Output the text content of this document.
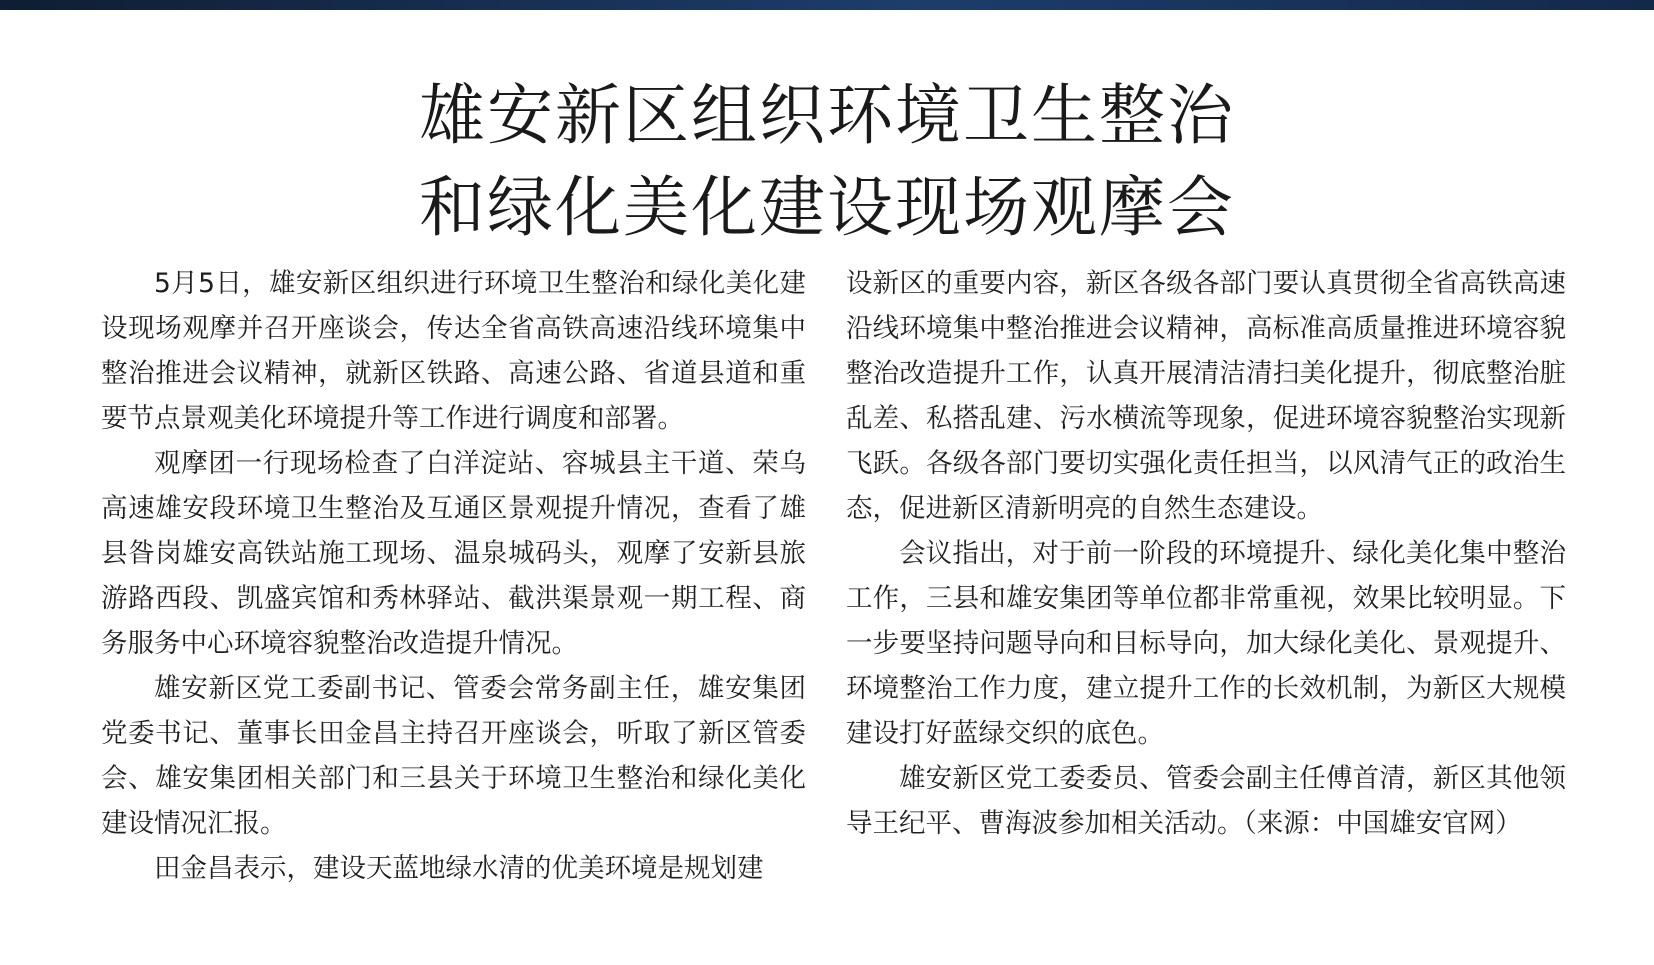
雄安新区组织环境卫生整治
和绿化美化建设现场观摩会

5月5日，雄安新区组织进行环境卫生整治和绿化美化建设现场观摩并召开座谈会，传达全省高铁高速沿线环境集中整治推进会议精神，就新区铁路、高速公路、省道县道和重要节点景观美化环境提升等工作进行调度和部署。

观摩团一行现场检查了白洋淀站、容城县主干道、荣乌高速雄安段环境卫生整治及互通区景观提升情况，查看了雄县昝岗雄安高铁站施工现场、温泉城码头，观摩了安新县旅游路西段、凯盛宾馆和秀林驿站、截洪渠景观一期工程、商务服务中心环境容貌整治改造提升情况。

雄安新区党工委副书记、管委会常务副主任，雄安集团党委书记、董事长田金昌主持召开座谈会，听取了新区管委会、雄安集团相关部门和三县关于环境卫生整治和绿化美化建设情况汇报。

田金昌表示，建设天蓝地绿水清的优美环境是规划建

设新区的重要内容，新区各级各部门要认真贯彻全省高铁高速沿线环境集中整治推进会议精神，高标准高质量推进环境容貌整治改造提升工作，认真开展清洁清扫美化提升，彻底整治脏乱差、私搭乱建、污水横流等现象，促进环境容貌整治实现新飞跃。各级各部门要切实强化责任担当，以风清气正的政治生态，促进新区清新明亮的自然生态建设。

会议指出，对于前一阶段的环境提升、绿化美化集中整治工作，三县和雄安集团等单位都非常重视，效果比较明显。下一步要坚持问题导向和目标导向，加大绿化美化、景观提升、环境整治工作力度，建立提升工作的长效机制，为新区大规模建设打好蓝绿交织的底色。

雄安新区党工委委员、管委会副主任傅首清，新区其他领导王纪平、曹海波参加相关活动。（来源：中国雄安官网）
